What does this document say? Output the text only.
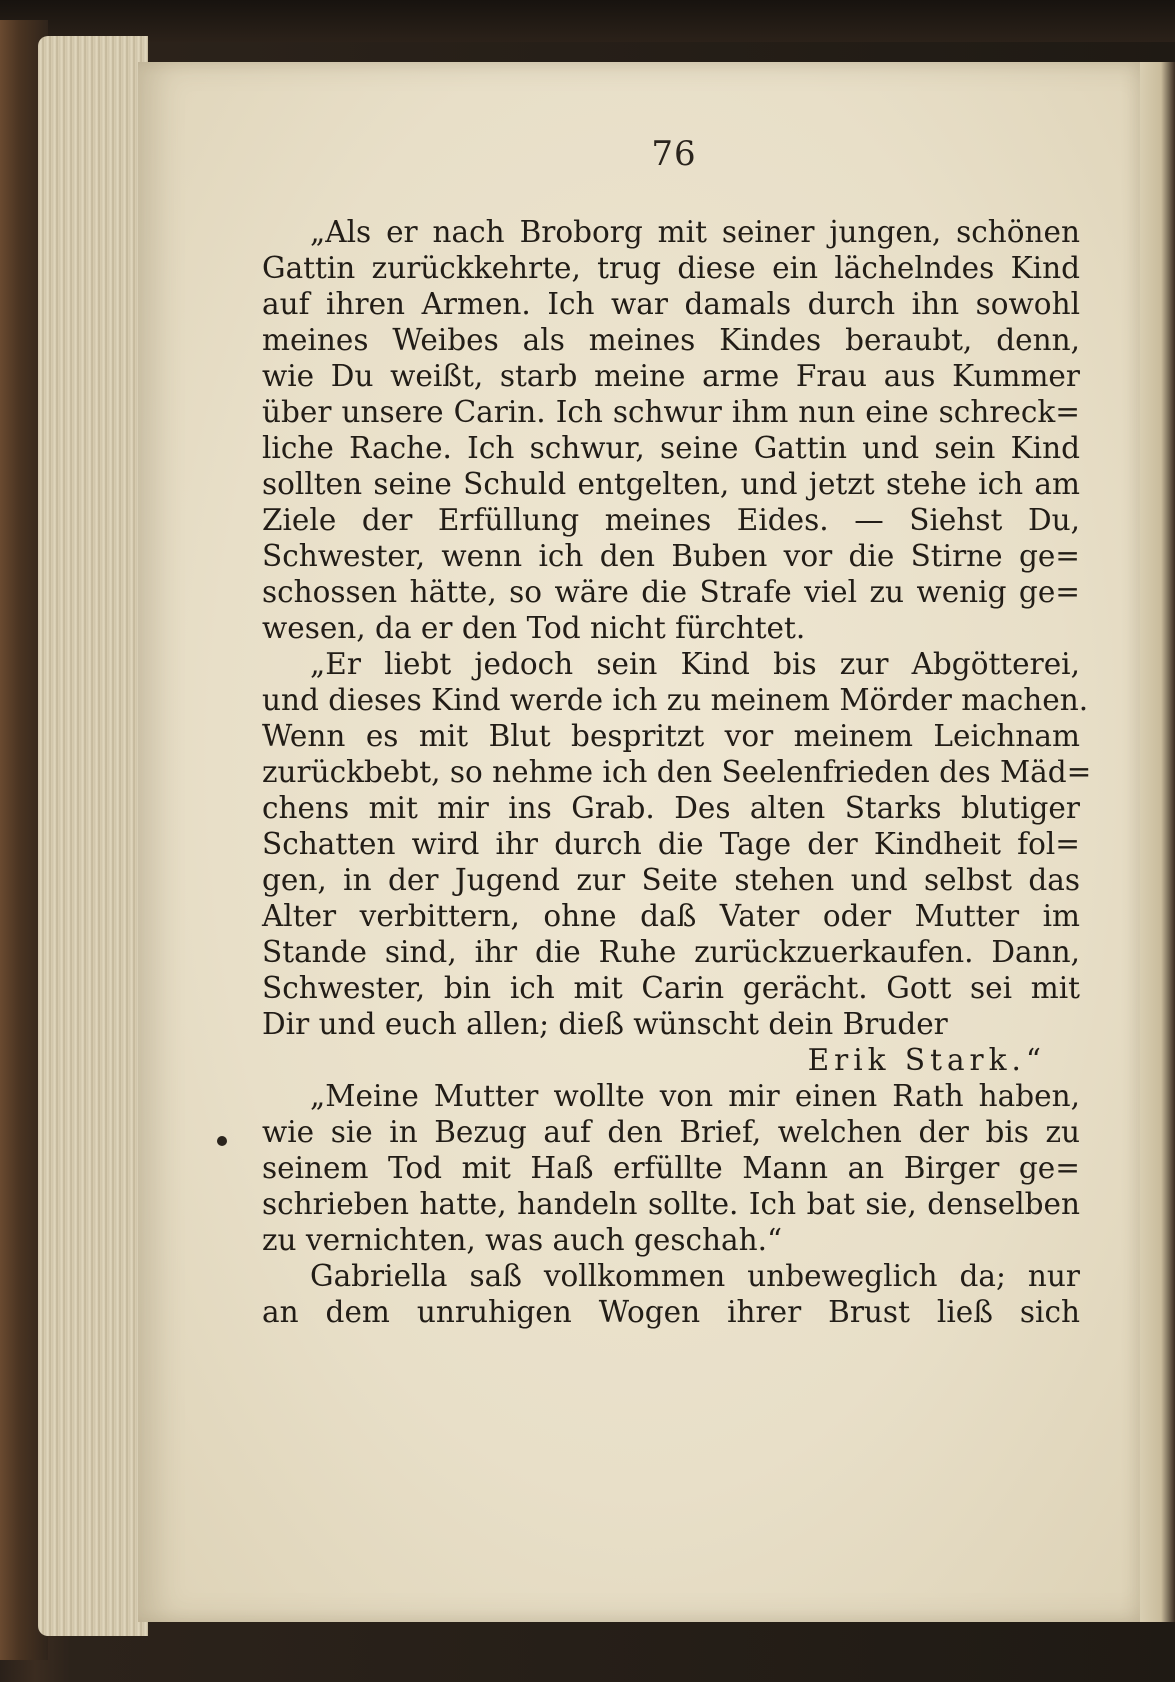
76
„Als er nach Broborg mit seiner jungen, schönen
Gattin zurückkehrte, trug diese ein lächelndes Kind
auf ihren Armen. Ich war damals durch ihn sowohl
meines Weibes als meines Kindes beraubt, denn,
wie Du weißt, starb meine arme Frau aus Kummer
über unsere Carin. Ich schwur ihm nun eine schreck=
liche Rache. Ich schwur, seine Gattin und sein Kind
sollten seine Schuld entgelten, und jetzt stehe ich am
Ziele der Erfüllung meines Eides. — Siehst Du,
Schwester, wenn ich den Buben vor die Stirne ge=
schossen hätte, so wäre die Strafe viel zu wenig ge=
wesen, da er den Tod nicht fürchtet.
„Er liebt jedoch sein Kind bis zur Abgötterei,
und dieses Kind werde ich zu meinem Mörder machen.
Wenn es mit Blut bespritzt vor meinem Leichnam
zurückbebt, so nehme ich den Seelenfrieden des Mäd=
chens mit mir ins Grab. Des alten Starks blutiger
Schatten wird ihr durch die Tage der Kindheit fol=
gen, in der Jugend zur Seite stehen und selbst das
Alter verbittern, ohne daß Vater oder Mutter im
Stande sind, ihr die Ruhe zurückzuerkaufen. Dann,
Schwester, bin ich mit Carin gerächt. Gott sei mit
Dir und euch allen; dieß wünscht dein Bruder
Erik Stark.“
„Meine Mutter wollte von mir einen Rath haben,
wie sie in Bezug auf den Brief, welchen der bis zu
seinem Tod mit Haß erfüllte Mann an Birger ge=
schrieben hatte, handeln sollte. Ich bat sie, denselben
zu vernichten, was auch geschah.“
Gabriella saß vollkommen unbeweglich da; nur
an dem unruhigen Wogen ihrer Brust ließ sich
